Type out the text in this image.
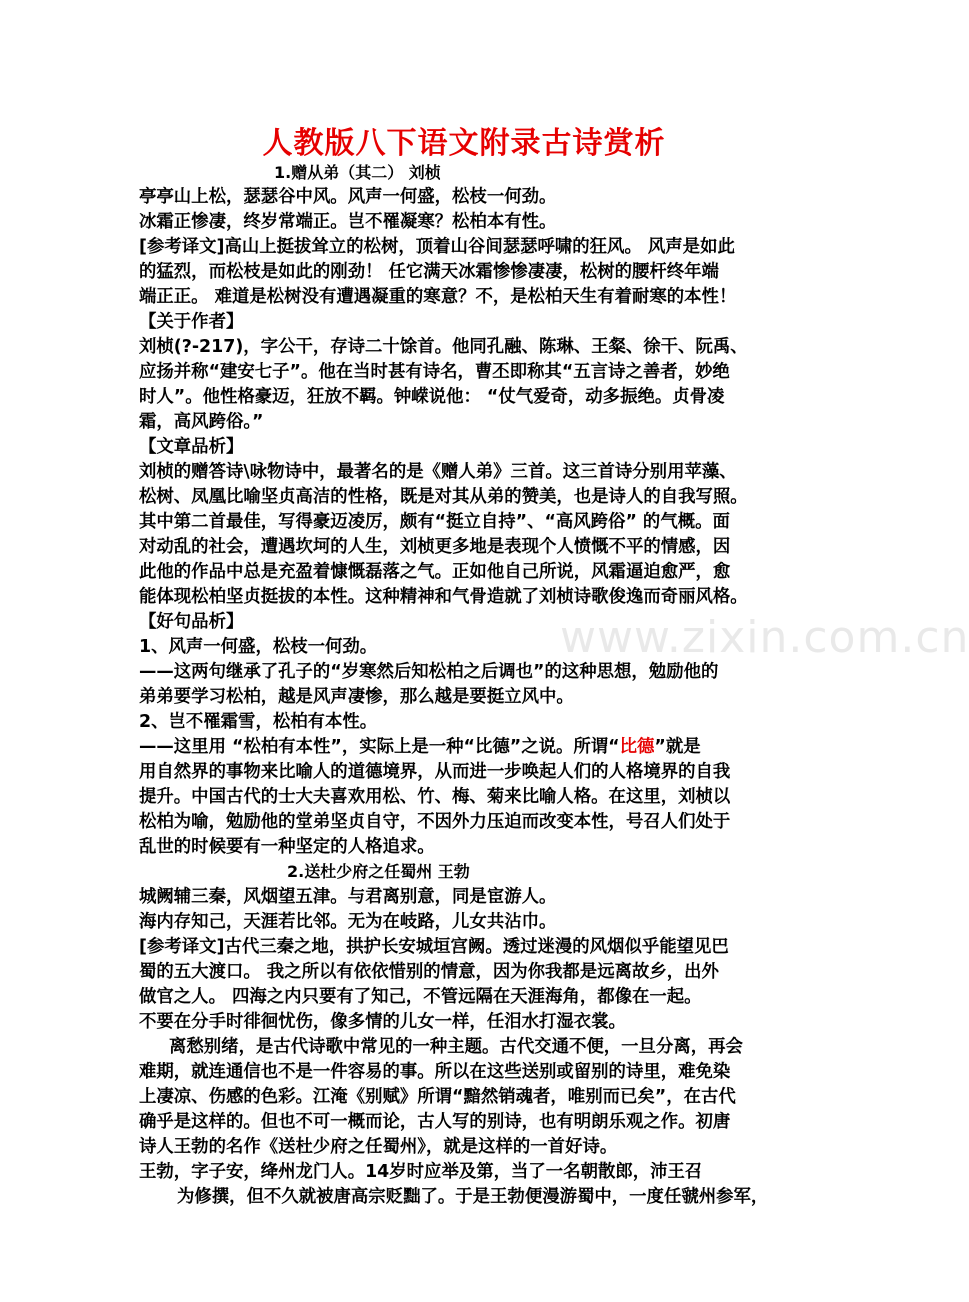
人教版八下语文附录古诗赏析
1.赠从弟（其二） 刘桢
亭亭山上松，瑟瑟谷中风。风声一何盛，松枝一何劲。
冰霜正惨凄，终岁常端正。岂不罹凝寒？松柏本有性。
[参考译文]高山上挺拔耸立的松树，顶着山谷间瑟瑟呼啸的狂风。 风声是如此
的猛烈，而松枝是如此的刚劲！ 任它满天冰霜惨惨凄凄，松树的腰杆终年端
端正正。 难道是松树没有遭遇凝重的寒意？不，是松柏天生有着耐寒的本性！
【关于作者】
刘桢(?-217)，字公干，存诗二十馀首。他同孔融、陈琳、王粲、徐干、阮禹、
应扬并称“建安七子”。他在当时甚有诗名，曹丕即称其“五言诗之善者，妙绝
时人”。他性格豪迈，狂放不羁。钟嵘说他： “仗气爱奇，动多振绝。贞骨凌
霜，高风跨俗。”
【文章品析】
刘桢的赠答诗\咏物诗中，最著名的是《赠人弟》三首。这三首诗分别用苹藻、
松树、凤凰比喻坚贞高洁的性格，既是对其从弟的赞美，也是诗人的自我写照。
其中第二首最佳，写得豪迈凌厉，颇有“挺立自持”、“高风跨俗” 的气概。面
对动乱的社会，遭遇坎坷的人生，刘桢更多地是表现个人愤慨不平的情感，因
此他的作品中总是充盈着慷慨磊落之气。正如他自己所说，风霜逼迫愈严，愈
能体现松柏坚贞挺拔的本性。这种精神和气骨造就了刘桢诗歌俊逸而奇丽风格。
【好句品析】
1、风声一何盛，松枝一何劲。
——这两句继承了孔子的“岁寒然后知松柏之后调也”的这种思想，勉励他的
弟弟要学习松柏，越是风声凄惨，那么越是要挺立风中。
2、岂不罹霜雪，松柏有本性。
——这里用 “松柏有本性”，实际上是一种“比德”之说。所谓“比德”就是
用自然界的事物来比喻人的道德境界，从而进一步唤起人们的人格境界的自我
提升。中国古代的士大夫喜欢用松、竹、梅、菊来比喻人格。在这里，刘桢以
松柏为喻，勉励他的堂弟坚贞自守，不因外力压迫而改变本性，号召人们处于
乱世的时候要有一种坚定的人格追求。
2.送杜少府之任蜀州 王勃
城阙辅三秦，风烟望五津。与君离别意，同是宦游人。
海内存知己，天涯若比邻。无为在岐路，儿女共沾巾。
[参考译文]古代三秦之地，拱护长安城垣宫阙。透过迷漫的风烟似乎能望见巴
蜀的五大渡口。 我之所以有依依惜别的情意，因为你我都是远离故乡，出外
做官之人。 四海之内只要有了知己，不管远隔在天涯海角，都像在一起。
不要在分手时徘徊忧伤，像多情的儿女一样，任泪水打湿衣裳。
离愁别绪，是古代诗歌中常见的一种主题。古代交通不便，一旦分离，再会
难期，就连通信也不是一件容易的事。所以在这些送别或留别的诗里，难免染
上凄凉、伤感的色彩。江淹《别赋》所谓“黯然销魂者，唯别而已矣”，在古代
确乎是这样的。但也不可一概而论，古人写的别诗，也有明朗乐观之作。初唐
诗人王勃的名作《送杜少府之任蜀州》，就是这样的一首好诗。
王勃，字子安，绛州龙门人。14岁时应举及第，当了一名朝散郎，沛王召
为修撰，但不久就被唐高宗贬黜了。于是王勃便漫游蜀中，一度任虢州参军，
www.zixin.com.cn
